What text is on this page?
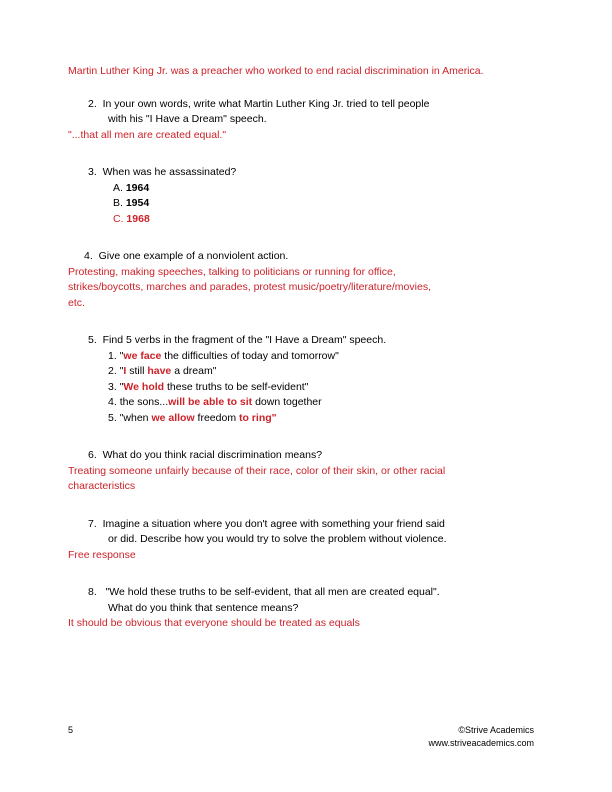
Martin Luther King Jr. was a preacher who worked to end racial discrimination in America.
2. In your own words, write what Martin Luther King Jr. tried to tell people
with his "I Have a Dream" speech.
"...that all men are created equal."
3. When was he assassinated?
A. 1964
B. 1954
C. 1968
4. Give one example of a nonviolent action.
Protesting, making speeches, talking to politicians or running for office,
strikes/boycotts, marches and parades, protest music/poetry/literature/movies,
etc.
5. Find 5 verbs in the fragment of the "I Have a Dream" speech.
1. "we face the difficulties of today and tomorrow"
2. "I still have a dream"
3. "We hold these truths to be self-evident"
4. the sons...will be able to sit down together
5. "when we allow freedom to ring"
6. What do you think racial discrimination means?
Treating someone unfairly because of their race, color of their skin, or other racial
characteristics
7. Imagine a situation where you don't agree with something your friend said
or did. Describe how you would try to solve the problem without violence.
Free response
8. "We hold these truths to be self-evident, that all men are created equal".
What do you think that sentence means?
It should be obvious that everyone should be treated as equals
5	©Strive Academics
www.striveacademics.com
